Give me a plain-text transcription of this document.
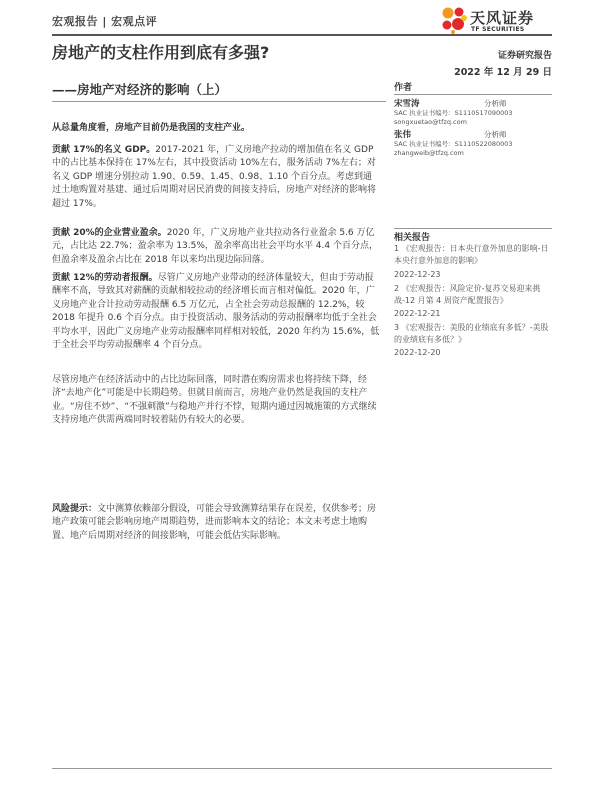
宏观报告 | 宏观点评	天风证券
TF SECURITIES
房地产的支柱作用到底有多强?	证券研究报告
2022 年 12 月 29 日
——房地产对经济的影响（上）
从总量角度看，房地产目前仍是我国的支柱产业。
贡献 17%的名义 GDP。2017-2021 年，广义房地产拉动的增加值在名义 GDP 中的占比基本保持在 17%左右，其中投资活动 10%左右，服务活动 7%左右；对名义 GDP 增速分别拉动 1.90、0.59、1.45、0.98、1.10 个百分点。考虑到通过土地购置对基建、通过后周期对居民消费的间接支持后，房地产对经济的影响将超过 17%。
贡献 20%的企业营业盈余。2020 年，广义房地产业共拉动各行业盈余 5.6 万亿元，占比达 22.7%；盈余率为 13.5%，盈余率高出社会平均水平 4.4 个百分点，但盈余率及盈余占比在 2018 年以来均出现边际回落。
贡献 12%的劳动者报酬。尽管广义房地产业带动的经济体量较大，但由于劳动报酬率不高，导致其对薪酬的贡献相较拉动的经济增长而言相对偏低。2020 年，广义房地产业合计拉动劳动报酬 6.5 万亿元，占全社会劳动总报酬的 12.2%，较 2018 年提升 0.6 个百分点。由于投资活动、服务活动的劳动报酬率均低于全社会平均水平，因此广义房地产业劳动报酬率同样相对较低，2020 年约为 15.6%，低于全社会平均劳动报酬率 4 个百分点。
尽管房地产在经济活动中的占比边际回落，同时潜在购房需求也将持续下降，经济“去地产化”可能是中长期趋势。但就目前而言，房地产业仍然是我国的支柱产业。“房住不炒”、“不强刺激”与稳地产并行不悖，短期内通过因城施策的方式继续支持房地产供需两端同时较着陆仍有较大的必要。
风险提示：文中测算依赖部分假设，可能会导致测算结果存在误差，仅供参考；房地产政策可能会影响房地产周期趋势，进而影响本文的结论；本文未考虑土地购置、地产后周期对经济的间接影响，可能会低估实际影响。
作者
宋雪涛	分析师
SAC 执业证书编号：S1110517090003
songxuetao@tfzq.com
张伟	分析师
SAC 执业证书编号：S1110522080003
zhangweib@tfzq.com
相关报告
1 《宏观报告：日本央行意外加息的影响-日本央行意外加息的影响》
2022-12-23
2 《宏观报告：风险定价-复苏交易迎来挑战-12 月第 4 周资产配置报告》
2022-12-21
3 《宏观报告：美股的业绩底有多低？-美股的业绩底有多低？》
2022-12-20
